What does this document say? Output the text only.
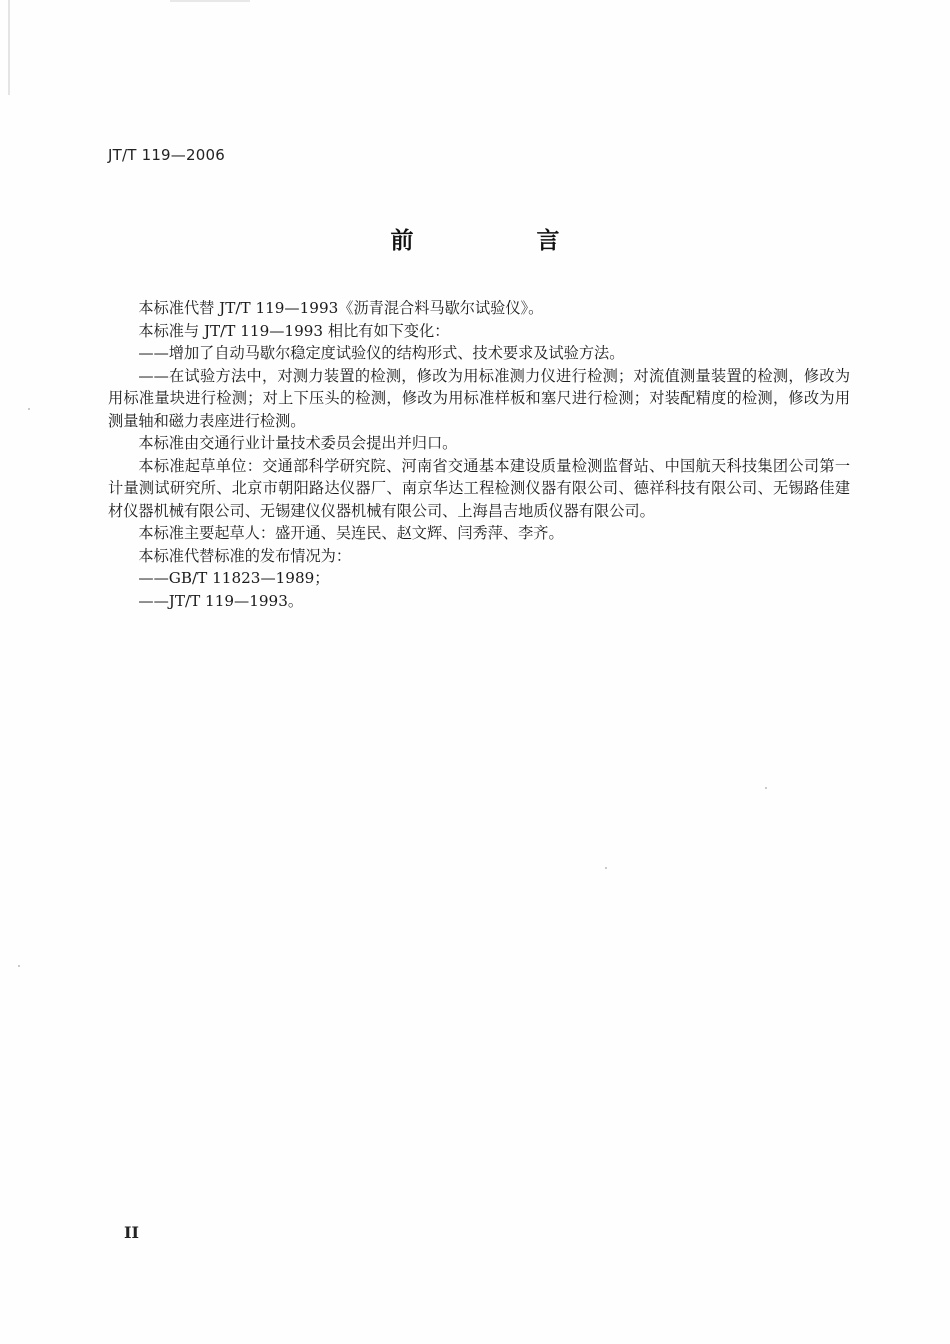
JT/T 119—2006

前　言

本标准代替 JT/T 119—1993《沥青混合料马歇尔试验仪》。

本标准与 JT/T 119—1993 相比有如下变化：

——增加了自动马歇尔稳定度试验仪的结构形式、技术要求及试验方法。

——在试验方法中，对测力装置的检测，修改为用标准测力仪进行检测；对流值测量装置的检测，修改为用标准量块进行检测；对上下压头的检测，修改为用标准样板和塞尺进行检测；对装配精度的检测，修改为用测量轴和磁力表座进行检测。

本标准由交通行业计量技术委员会提出并归口。

本标准起草单位：交通部科学研究院、河南省交通基本建设质量检测监督站、中国航天科技集团公司第一计量测试研究所、北京市朝阳路达仪器厂、南京华达工程检测仪器有限公司、德祥科技有限公司、无锡路佳建材仪器机械有限公司、无锡建仪仪器机械有限公司、上海昌吉地质仪器有限公司。

本标准主要起草人：盛开通、吴连民、赵文辉、闫秀萍、李齐。

本标准代替标准的发布情况为：

——GB/T 11823—1989；

——JT/T 119—1993。

II
